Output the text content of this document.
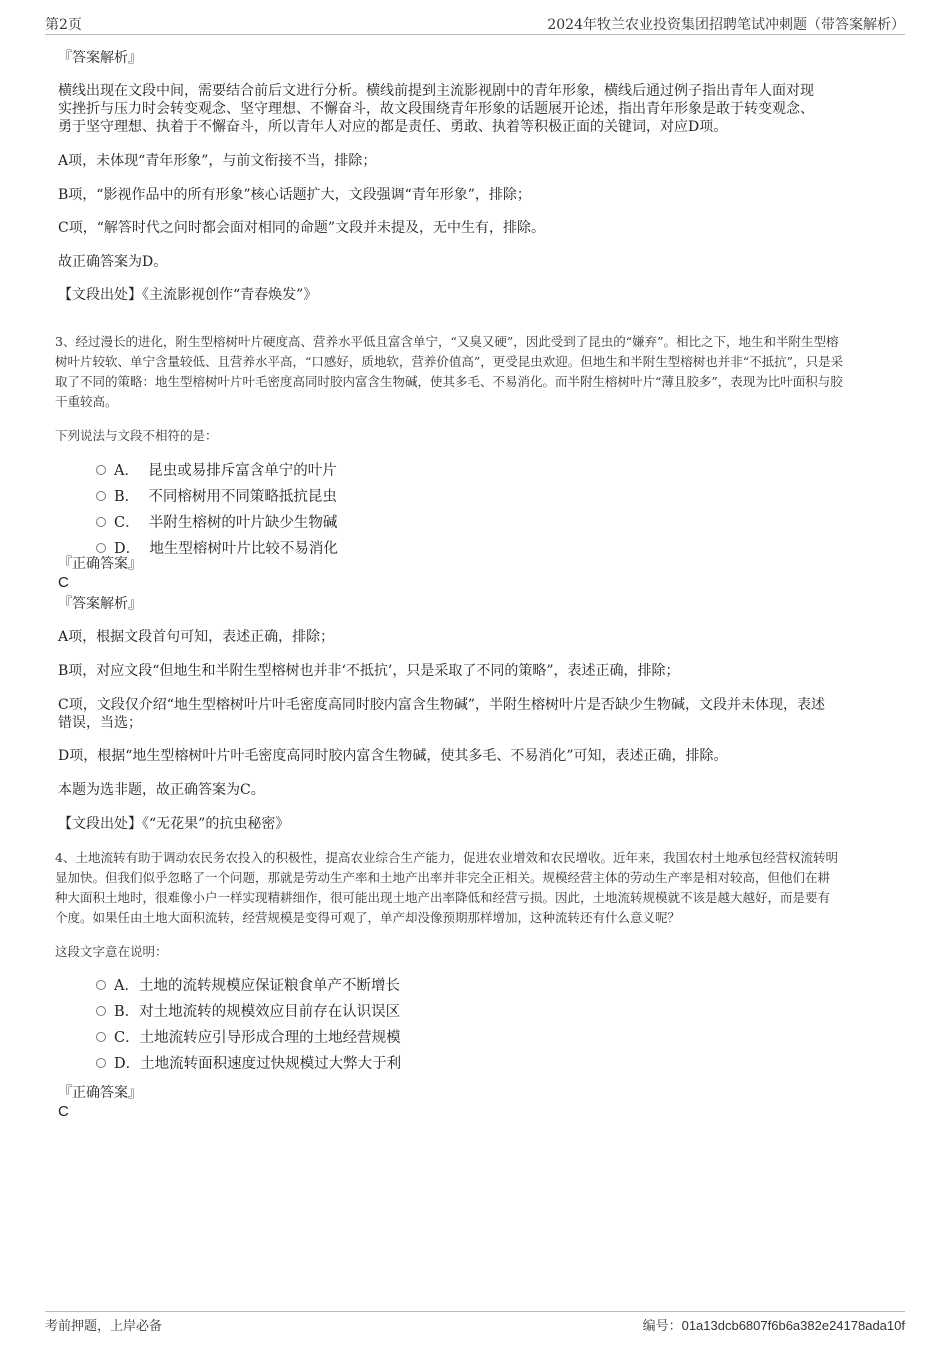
第2页	2024年牧兰农业投资集团招聘笔试冲刺题（带答案解析）
『答案解析』
横线出现在文段中间，需要结合前后文进行分析。横线前提到主流影视剧中的青年形象，横线后通过例子指出青年人面对现
实挫折与压力时会转变观念、坚守理想、不懈奋斗，故文段围绕青年形象的话题展开论述，指出青年形象是敢于转变观念、
勇于坚守理想、执着于不懈奋斗，所以青年人对应的都是责任、勇敢、执着等积极正面的关键词，对应D项。
A项，未体现“青年形象”，与前文衔接不当，排除；
B项，“影视作品中的所有形象”核心话题扩大，文段强调“青年形象”，排除；
C项，“解答时代之问时都会面对相同的命题”文段并未提及，无中生有，排除。
故正确答案为D。
【文段出处】《主流影视创作“青春焕发”》
3、经过漫长的进化，附生型榕树叶片硬度高、营养水平低且富含单宁，“又臭又硬”，因此受到了昆虫的“嫌弃”。相比之下，地生和半附生型榕
树叶片较软、单宁含量较低、且营养水平高，“口感好，质地软，营养价值高”，更受昆虫欢迎。但地生和半附生型榕树也并非“不抵抗”，只是采
取了不同的策略：地生型榕树叶片叶毛密度高同时胶内富含生物碱，使其多毛、不易消化。而半附生榕树叶片“薄且胶多”，表现为比叶面积与胶
干重较高。
下列说法与文段不相符的是：
A． 昆虫或易排斥富含单宁的叶片
B． 不同榕树用不同策略抵抗昆虫
C． 半附生榕树的叶片缺少生物碱
D． 地生型榕树叶片比较不易消化
『正确答案』
C
『答案解析』
A项，根据文段首句可知，表述正确，排除；
B项，对应文段“但地生和半附生型榕树也并非‘不抵抗’，只是采取了不同的策略”，表述正确，排除；
C项，文段仅介绍“地生型榕树叶片叶毛密度高同时胶内富含生物碱”，半附生榕树叶片是否缺少生物碱，文段并未体现，表述
错误，当选；
D项，根据“地生型榕树叶片叶毛密度高同时胶内富含生物碱，使其多毛、不易消化”可知，表述正确，排除。
本题为选非题，故正确答案为C。
【文段出处】《“无花果”的抗虫秘密》
4、土地流转有助于调动农民务农投入的积极性，提高农业综合生产能力，促进农业增效和农民增收。近年来，我国农村土地承包经营权流转明
显加快。但我们似乎忽略了一个问题，那就是劳动生产率和土地产出率并非完全正相关。规模经营主体的劳动生产率是相对较高，但他们在耕
种大面积土地时，很难像小户一样实现精耕细作，很可能出现土地产出率降低和经营亏损。因此，土地流转规模就不该是越大越好，而是要有
个度。如果任由土地大面积流转，经营规模是变得可观了，单产却没像预期那样增加，这种流转还有什么意义呢？
这段文字意在说明：
A．土地的流转规模应保证粮食单产不断增长
B．对土地流转的规模效应目前存在认识误区
C．土地流转应引导形成合理的土地经营规模
D．土地流转面积速度过快规模过大弊大于利
『正确答案』
C
考前押题，上岸必备	编号：01a13dcb6807f6b6a382e24178ada10f
